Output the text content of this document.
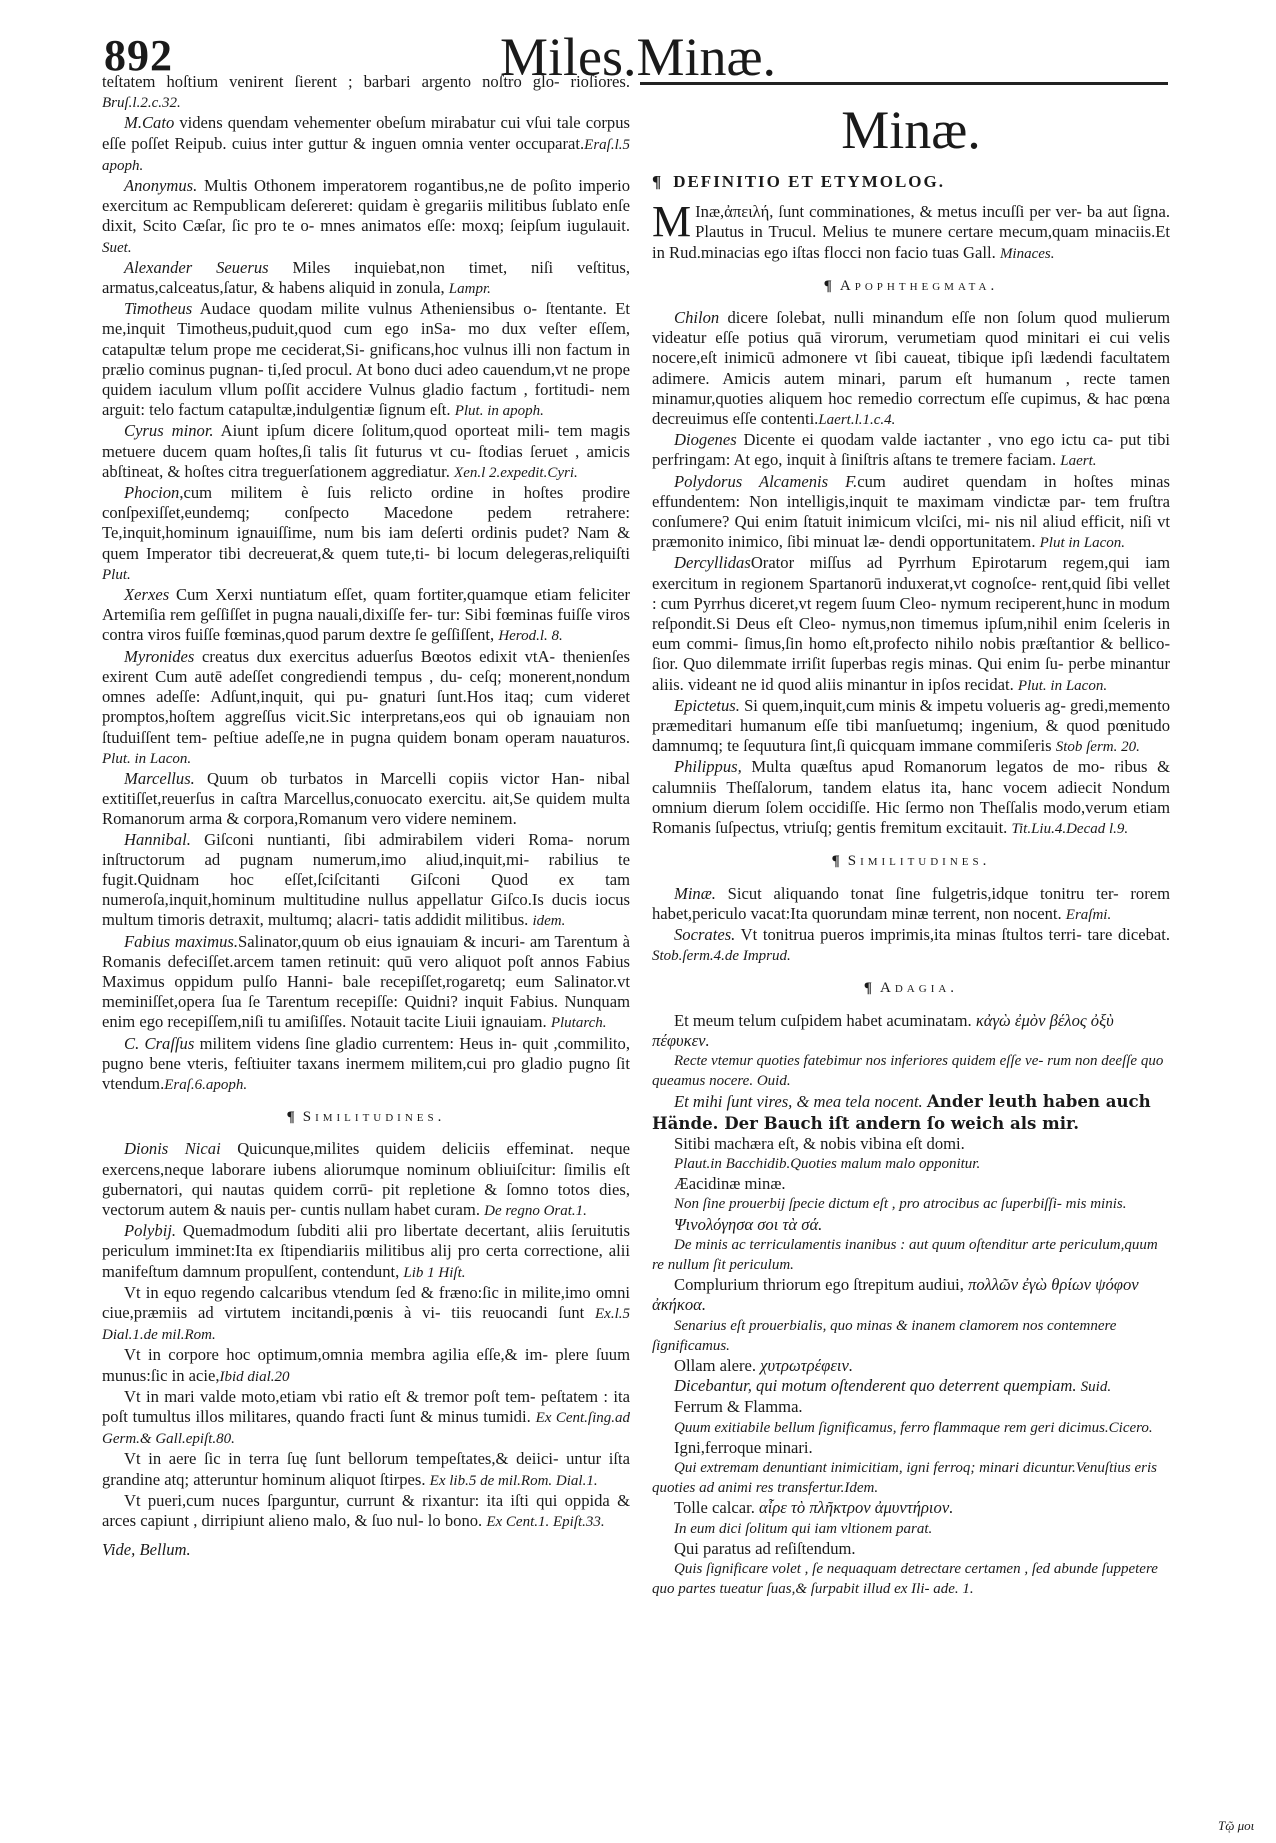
892	Miles.Minæ.

teſtatem hoſtium venirent ſierent ; barbari argento noſtro glo- rioſiores. Bruſ.l.2.c.32.

M.Cato videns quendam vehementer obeſum mirabatur cui vſui tale corpus eſſe poſſet Reipub. cuius inter guttur & inguen omnia venter occuparat.Eraſ.l.5 apoph.

Anonymus. Multis Othonem imperatorem rogantibus,ne de poſito imperio exercitum ac Rempublicam deſereret: quidam è gregariis militibus ſublato enſe dixit, Scito Cæſar, ſic pro te o- mnes animatos eſſe: moxq; ſeipſum iugulauit. Suet.

Alexander Seuerus Miles inquiebat,non timet, niſi veſtitus, armatus,calceatus,ſatur, & habens aliquid in zonula, Lampr.

Timotheus Audace quodam milite vulnus Atheniensibus o- ſtentante. Et me,inquit Timotheus,puduit,quod cum ego inSa- mo dux veſter eſſem, catapultæ telum prope me ceciderat,Si- gnificans,hoc vulnus illi non factum in prælio cominus pugnan- ti,ſed procul. At bono duci adeo cauendum,vt ne prope quidem iaculum vllum poſſit accidere Vulnus gladio factum , fortitudi- nem arguit: telo factum catapultæ,indulgentiæ ſignum eſt. Plut. in apoph.

Cyrus minor. Aiunt ipſum dicere ſolitum,quod oporteat mili- tem magis metuere ducem quam hoſtes,ſi talis ſit futurus vt cu- ſtodias ſeruet , amicis abſtineat, & hoſtes citra treguerſationem aggrediatur. Xen.l 2.expedit.Cyri.

Phocion,cum militem è ſuis relicto ordine in hoſtes prodire conſpexiſſet,eundemq; conſpecto Macedone pedem retrahere: Te,inquit,hominum ignauiſſime, num bis iam deſerti ordinis pudet? Nam & quem Imperator tibi decreuerat,& quem tute,ti- bi locum delegeras,reliquiſti Plut.

Xerxes Cum Xerxi nuntiatum eſſet, quam fortiter,quamque etiam feliciter Artemiſia rem geſſiſſet in pugna nauali,dixiſſe fer- tur: Sibi fœminas fuiſſe viros contra viros fuiſſe fœminas,quod parum dextre ſe geſſiſſent, Herod.l. 8.

Myronides creatus dux exercitus aduerſus Bœotos edixit vtA- thenienſes exirent Cum autē adeſſet congrediendi tempus , du- ceſq; monerent,nondum omnes adeſſe: Adſunt,inquit, qui pu- gnaturi ſunt.Hos itaq; cum videret promptos,hoſtem aggreſſus vicit.Sic interpretans,eos qui ob ignauiam non ſtuduiſſent tem- peſtiue adeſſe,ne in pugna quidem bonam operam nauaturos. Plut. in Lacon.

Marcellus. Quum ob turbatos in Marcelli copiis victor Han- nibal extitiſſet,reuerſus in caſtra Marcellus,conuocato exercitu. ait,Se quidem multa Romanorum arma & corpora,Romanum vero videre neminem.

Hannibal. Giſconi nuntianti, ſibi admirabilem videri Roma- norum inſtructorum ad pugnam numerum,imo aliud,inquit,mi- rabilius te fugit.Quidnam hoc eſſet,ſciſcitanti Giſconi Quod ex tam numeroſa,inquit,hominum multitudine nullus appellatur Giſco.Is ducis iocus multum timoris detraxit, multumq; alacri- tatis addidit militibus. idem.

Fabius maximus.Salinator,quum ob eius ignauiam & incuri- am Tarentum à Romanis defeciſſet.arcem tamen retinuit: quū vero aliquot poſt annos Fabius Maximus oppidum pulſo Hanni- bale recepiſſet,rogaretq; eum Salinator.vt meminiſſet,opera ſua ſe Tarentum recepiſſe: Quidni? inquit Fabius. Nunquam enim ego recepiſſem,niſi tu amiſiſſes. Notauit tacite Liuii ignauiam. Plutarch.

C. Craſſus militem videns ſine gladio currentem: Heus in- quit ,commilito, pugno bene vteris, feſtiuiter taxans inermem militem,cui pro gladio pugno ſit vtendum.Eraſ.6.apoph.

¶ Similitudines.

Dionis Nicai Quicunque,milites quidem deliciis effeminat. neque exercens,neque laborare iubens aliorumque nominum obliuiſcitur: ſimilis eſt gubernatori, qui nautas quidem corrū- pit repletione & ſomno totos dies, vectorum autem & nauis per- cuntis nullam habet curam. De regno Orat.1.

Polybij. Quemadmodum ſubditi alii pro libertate decertant, aliis ſeruitutis periculum imminet:Ita ex ſtipendiariis militibus alij pro certa correctione, alii manifeſtum damnum propulſent, contendunt, Lib 1 Hiſt.

Vt in equo regendo calcaribus vtendum ſed & fræno:ſic in milite,imo omni ciue,præmiis ad virtutem incitandi,pœnis à vi- tiis reuocandi ſunt Ex.l.5 Dial.1.de mil.Rom.

Vt in corpore hoc optimum,omnia membra agilia eſſe,& im- plere ſuum munus:ſic in acie,Ibid dial.20

Vt in mari valde moto,etiam vbi ratio eſt & tremor poſt tem- peſtatem : ita poſt tumultus illos militares, quando fracti ſunt & minus tumidi. Ex Cent.ſing.ad Germ.& Gall.epiſt.80.

Vt in aere ſic in terra ſuę ſunt bellorum tempeſtates,& deiici- untur iſta grandine atq; atteruntur hominum aliquot ſtirpes. Ex lib.5 de mil.Rom. Dial.1.

Vt pueri,cum nuces ſparguntur, currunt & rixantur: ita iſti qui oppida & arces capiunt , dirripiunt alieno malo, & ſuo nul- lo bono. Ex Cent.1. Epiſt.33.

Vide, Bellum.

Minæ.
¶ DEFINITIO ET ETYMOLOG.

M Inæ,ἀπειλή, ſunt comminationes, & metus incuſſi per ver- ba aut ſigna. Plautus in Trucul. Melius te munere certare mecum,quam minaciis.Et in Rud.minacias ego iſtas flocci non facio tuas Gall. Minaces.

¶ Apophthegmata.

Chilon dicere ſolebat, nulli minandum eſſe non ſolum quod mulierum videatur eſſe potius quā virorum, verumetiam quod minitari ei cui velis nocere,eſt inimicū admonere vt ſibi caueat, tibique ipſi lædendi facultatem adimere. Amicis autem minari, parum eſt humanum , recte tamen minamur,quoties aliquem hoc remedio correctum eſſe cupimus, & hac pœna decreuimus eſſe contenti.Laert.l.1.c.4.

Diogenes Dicente ei quodam valde iactanter , vno ego ictu ca- put tibi perfringam: At ego, inquit à ſiniſtris aſtans te tremere faciam. Laert.

Polydorus Alcamenis F.cum audiret quendam in hoſtes minas effundentem: Non intelligis,inquit te maximam vindictæ par- tem fruſtra conſumere? Qui enim ſtatuit inimicum vlciſci, mi- nis nil aliud efficit, niſi vt præmonito inimico, ſibi minuat læ- dendi opportunitatem. Plut in Lacon.

DercyllidasOrator miſſus ad Pyrrhum Epirotarum regem,qui iam exercitum in regionem Spartanorū induxerat,vt cognoſce- rent,quid ſibi vellet : cum Pyrrhus diceret,vt regem ſuum Cleo- nymum reciperent,hunc in modum reſpondit.Si Deus eſt Cleo- nymus,non timemus ipſum,nihil enim ſceleris in eum commi- ſimus,ſin homo eſt,profecto nihilo nobis præſtantior & bellico- ſior. Quo dilemmate irriſit ſuperbas regis minas. Qui enim ſu- perbe minantur aliis. videant ne id quod aliis minantur in ipſos recidat. Plut. in Lacon.

Epictetus. Si quem,inquit,cum minis & impetu volueris ag- gredi,memento præmeditari humanum eſſe tibi manſuetumq; ingenium, & quod pœnitudo damnumq; te ſequutura ſint,ſi quicquam immane commiſeris Stob ſerm. 20.

Philippus, Multa quæſtus apud Romanorum legatos de mo- ribus & calumniis Theſſalorum, tandem elatus ita, hanc vocem adiecit Nondum omnium dierum ſolem occidiſſe. Hic ſermo non Theſſalis modo,verum etiam Romanis ſuſpectus, vtriuſq; gentis fremitum excitauit. Tit.Liu.4.Decad l.9.

¶ Similitudines.

Minæ. Sicut aliquando tonat ſine fulgetris,idque tonitru ter- rorem habet,periculo vacat:Ita quorundam minæ terrent, non nocent. Eraſmi.

Socrates. Vt tonitrua pueros imprimis,ita minas ſtultos terri- tare dicebat. Stob.ſerm.4.de Imprud.

¶ Adagia.

Et meum telum cuſpidem habet acuminatam. κἀγὼ ἐμὸν βέλος ὀξὺ πέφυκεν.

Recte vtemur quoties fatebimur nos inferiores quidem eſſe ve- rum non deeſſe quo queamus nocere. Ouid.

Et mihi ſunt vires, & mea tela nocent. Ander leuth haben auch Hände. Der Bauch iſt andern ſo weich als mir.

Sitibi machæra eſt, & nobis vibina eſt domi.

Plaut.in Bacchidib.Quoties malum malo opponitur.

Æacidinæ minæ.

Non ſine prouerbij ſpecie dictum eſt , pro atrocibus ac ſuperbiſſi- mis minis.

Ψινολόγησα σοι τὰ σά.

De minis ac terriculamentis inanibus : aut quum oſtenditur arte periculum,quum re nullum ſit periculum.

Complurium thriorum ego ſtrepitum audiui, πολλῶν ἐγὼ θρίων ψόφον ἀκήκοα.

Senarius eſt prouerbialis, quo minas & inanem clamorem nos contemnere ſignificamus.

Ollam alere. χυτρωτρέφειν.

Dicebantur, qui motum oſtenderent quo deterrent quempiam. Suid.

Ferrum & Flamma.

Quum exitiabile bellum ſignificamus, ferro flammaque rem geri dicimus.Cicero.

Igni,ferroque minari.

Qui extremam denuntiant inimicitiam, igni ferroq; minari dicuntur.Venuſtius eris quoties ad animi res transfertur.Idem.

Tolle calcar. αἶρε τὸ πλῆκτρον ἀμυντήριον.

In eum dici ſolitum qui iam vltionem parat.

Qui paratus ad reſiſtendum.

Quis ſignificare volet , ſe nequaquam detrectare certamen , ſed abunde ſuppetere quo partes tueatur ſuas,& ſurpabit illud ex Ili- ade. 1.

Tῷ μοι
